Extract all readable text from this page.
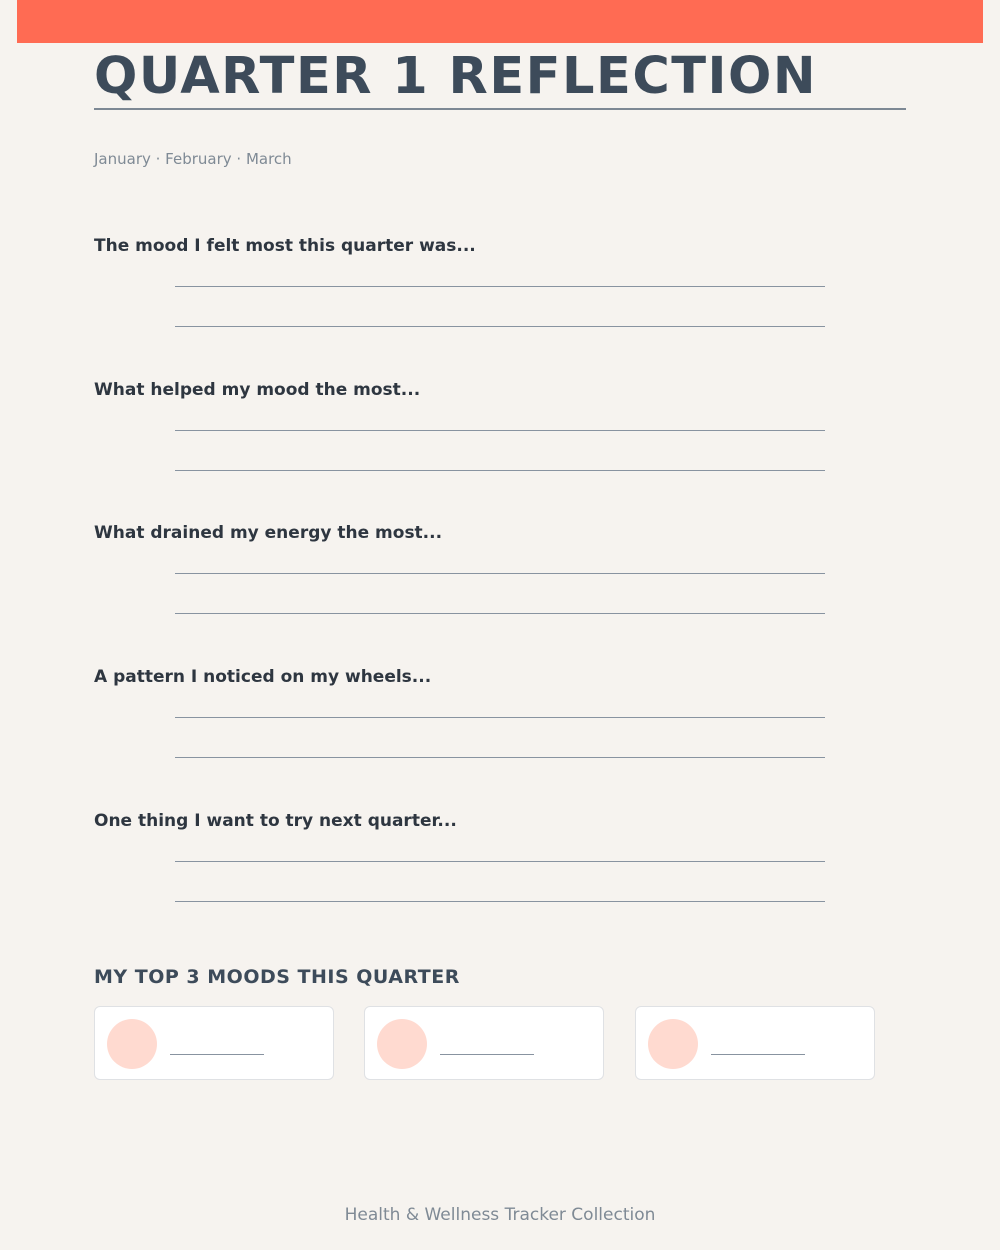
QUARTER 1 REFLECTION
January · February · March
The mood I felt most this quarter was...
What helped my mood the most...
What drained my energy the most...
A pattern I noticed on my wheels...
One thing I want to try next quarter...
MY TOP 3 MOODS THIS QUARTER
Health & Wellness Tracker Collection
